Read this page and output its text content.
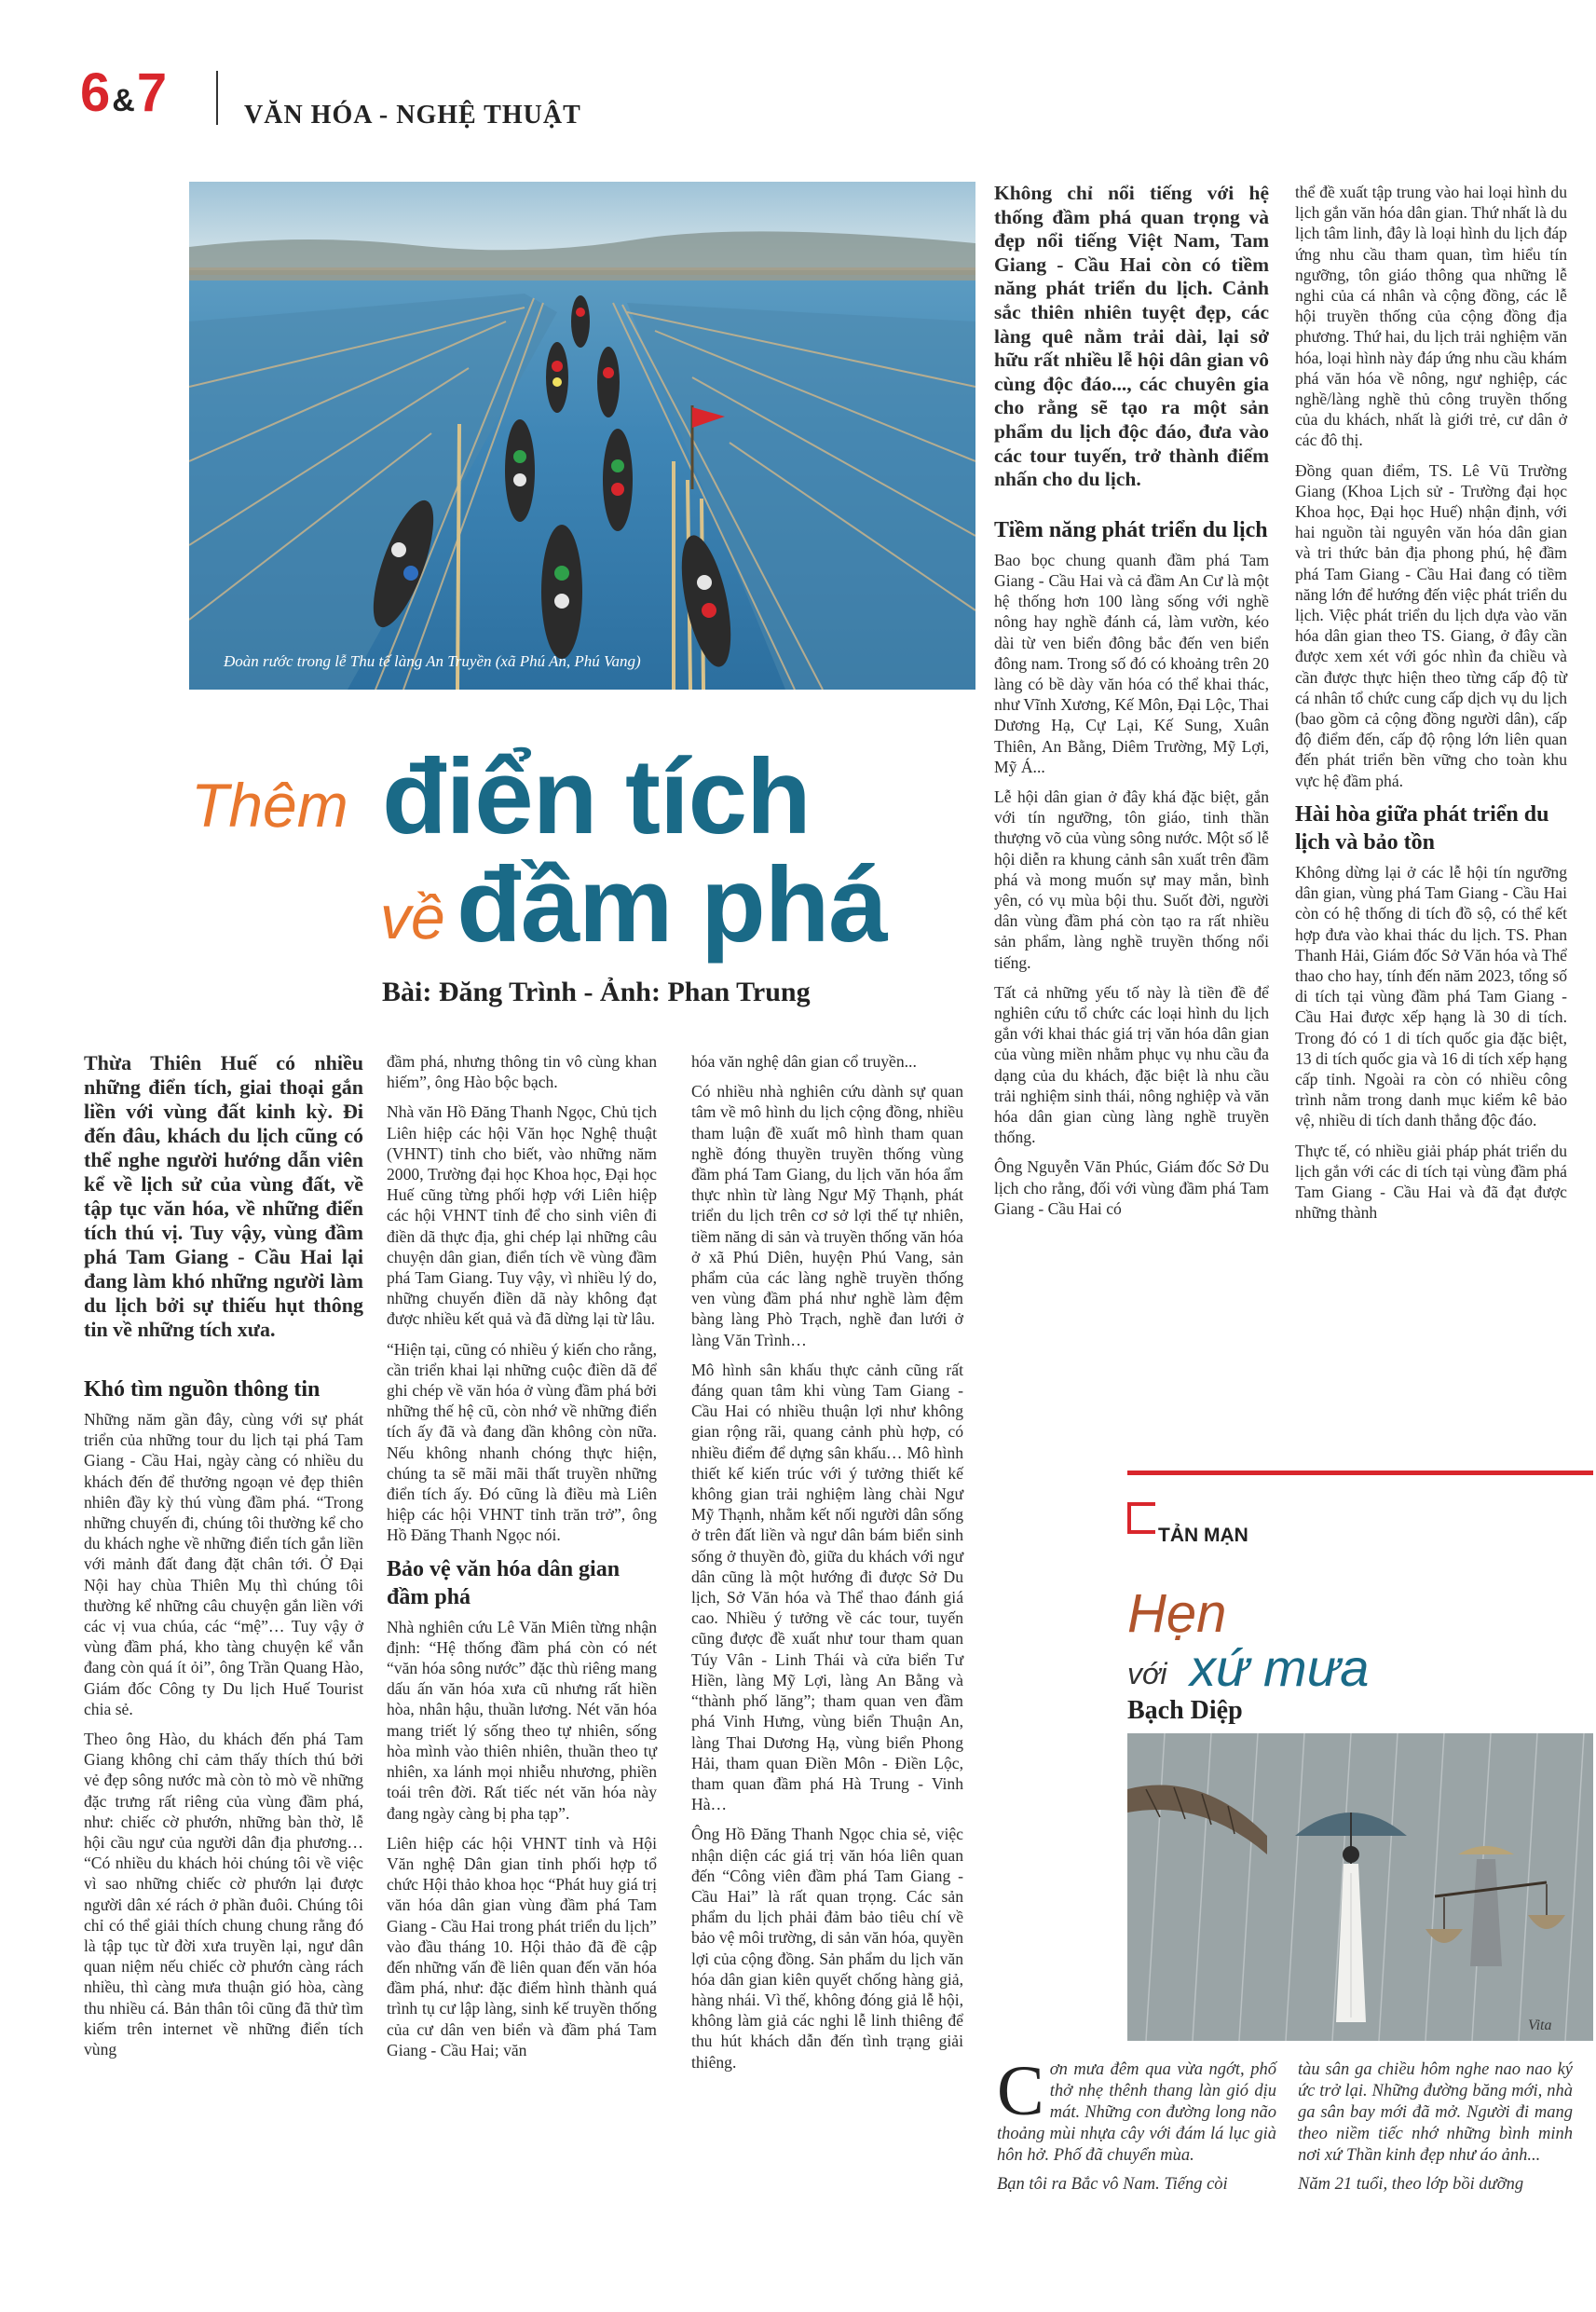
6&7	VĂN HÓA - NGHỆ THUẬT
Đoàn rước trong lễ Thu tế làng An Truyền (xã Phú An, Phú Vang)
Thêm điển tích
về đầm phá
Bài: Đăng Trình - Ảnh: Phan Trung

Thừa Thiên Huế có nhiều những điển tích, giai thoại gắn liền với vùng đất kinh kỳ. Đi đến đâu, khách du lịch cũng có thể nghe người hướng dẫn viên kể về lịch sử của vùng đất, về tập tục văn hóa, về những điển tích thú vị. Tuy vậy, vùng đầm phá Tam Giang - Cầu Hai lại đang làm khó những người làm du lịch bởi sự thiếu hụt thông tin về những tích xưa.

Khó tìm nguồn thông tin

Những năm gần đây, cùng với sự phát triển của những tour du lịch tại phá Tam Giang - Cầu Hai, ngày càng có nhiều du khách đến để thưởng ngoạn vẻ đẹp thiên nhiên đầy kỳ thú vùng đầm phá. “Trong những chuyến đi, chúng tôi thường kể cho du khách nghe về những điển tích gắn liền với mảnh đất đang đặt chân tới. Ở Đại Nội hay chùa Thiên Mụ thì chúng tôi thường kể những câu chuyện gắn liền với các vị vua chúa, các “mệ”… Tuy vậy ở vùng đầm phá, kho tàng chuyện kể vẫn đang còn quá ít ỏi”, ông Trần Quang Hào, Giám đốc Công ty Du lịch Huế Tourist chia sẻ.

Theo ông Hào, du khách đến phá Tam Giang không chỉ cảm thấy thích thú bởi vẻ đẹp sông nước mà còn tò mò về những đặc trưng rất riêng của vùng đầm phá, như: chiếc cờ phướn, những bàn thờ, lễ hội cầu ngư của người dân địa phương… “Có nhiều du khách hỏi chúng tôi về việc vì sao những chiếc cờ phướn lại được người dân xé rách ở phần đuôi. Chúng tôi chỉ có thể giải thích chung chung rằng đó là tập tục từ đời xưa truyền lại, ngư dân quan niệm nếu chiếc cờ phướn càng rách nhiều, thì càng mưa thuận gió hòa, càng thu nhiều cá. Bản thân tôi cũng đã thử tìm kiếm trên internet về những điển tích vùng

đầm phá, nhưng thông tin vô cùng khan hiếm”, ông Hào bộc bạch.

Nhà văn Hồ Đăng Thanh Ngọc, Chủ tịch Liên hiệp các hội Văn học Nghệ thuật (VHNT) tỉnh cho biết, vào những năm 2000, Trường đại học Khoa học, Đại học Huế cũng từng phối hợp với Liên hiệp các hội VHNT tỉnh để cho sinh viên đi điền dã thực địa, ghi chép lại những câu chuyện dân gian, điển tích về vùng đầm phá Tam Giang. Tuy vậy, vì nhiều lý do, những chuyến điền dã này không đạt được nhiều kết quả và đã dừng lại từ lâu.

“Hiện tại, cũng có nhiều ý kiến cho rằng, cần triển khai lại những cuộc điền dã để ghi chép về văn hóa ở vùng đầm phá bởi những thế hệ cũ, còn nhớ về những điển tích ấy đã và đang dần không còn nữa. Nếu không nhanh chóng thực hiện, chúng ta sẽ mãi mãi thất truyền những điển tích ấy. Đó cũng là điều mà Liên hiệp các hội VHNT tỉnh trăn trở”, ông Hồ Đăng Thanh Ngọc nói.

Bảo vệ văn hóa dân gian đầm phá

Nhà nghiên cứu Lê Văn Miên từng nhận định: “Hệ thống đầm phá còn có nét “văn hóa sông nước” đặc thù riêng mang dấu ấn văn hóa xưa cũ nhưng rất hiền hòa, nhân hậu, thuần lương. Nét văn hóa mang triết lý sống theo tự nhiên, sống hòa mình vào thiên nhiên, thuần theo tự nhiên, xa lánh mọi nhiễu nhương, phiền toái trên đời. Rất tiếc nét văn hóa này đang ngày càng bị pha tạp”.

Liên hiệp các hội VHNT tỉnh và Hội Văn nghệ Dân gian tỉnh phối hợp tổ chức Hội thảo khoa học “Phát huy giá trị văn hóa dân gian vùng đầm phá Tam Giang - Cầu Hai trong phát triển du lịch” vào đầu tháng 10. Hội thảo đã đề cập đến những vấn đề liên quan đến văn hóa đầm phá, như: đặc điểm hình thành quá trình tụ cư lập làng, sinh kế truyền thống của cư dân ven biển và đầm phá Tam Giang - Cầu Hai; văn

hóa văn nghệ dân gian cổ truyền...

Có nhiều nhà nghiên cứu dành sự quan tâm về mô hình du lịch cộng đồng, nhiều tham luận đề xuất mô hình tham quan nghề đóng thuyền truyền thống vùng đầm phá Tam Giang, du lịch văn hóa ẩm thực nhìn từ làng Ngư Mỹ Thạnh, phát triển du lịch trên cơ sở lợi thế tự nhiên, tiềm năng di sản và truyền thống văn hóa ở xã Phú Diên, huyện Phú Vang, sản phẩm của các làng nghề truyền thống ven vùng đầm phá như nghề làm đệm bàng làng Phò Trạch, nghề đan lưới ở làng Văn Trình…

Mô hình sân khấu thực cảnh cũng rất đáng quan tâm khi vùng Tam Giang - Cầu Hai có nhiều thuận lợi như không gian rộng rãi, quang cảnh phù hợp, có nhiều điểm để dựng sân khấu… Mô hình thiết kế kiến trúc với ý tưởng thiết kế không gian trải nghiệm làng chài Ngư Mỹ Thạnh, nhằm kết nối người dân sống ở trên đất liền và ngư dân bám biển sinh sống ở thuyền đò, giữa du khách với ngư dân cũng là một hướng đi được Sở Du lịch, Sở Văn hóa và Thể thao đánh giá cao. Nhiều ý tưởng về các tour, tuyến cũng được đề xuất như tour tham quan Túy Vân - Linh Thái và cửa biển Tư Hiền, làng Mỹ Lợi, làng An Bằng và “thành phố lăng”; tham quan ven đầm phá Vinh Hưng, vùng biển Thuận An, làng Thai Dương Hạ, vùng biển Phong Hải, tham quan Điền Môn - Điền Lộc, tham quan đầm phá Hà Trung - Vinh Hà…

Ông Hồ Đăng Thanh Ngọc chia sẻ, việc nhận diện các giá trị văn hóa liên quan đến “Công viên đầm phá Tam Giang - Cầu Hai” là rất quan trọng. Các sản phẩm du lịch phải đảm bảo tiêu chí về bảo vệ môi trường, di sản văn hóa, quyền lợi của cộng đồng. Sản phẩm du lịch văn hóa dân gian kiên quyết chống hàng giả, hàng nhái. Vì thế, không đóng giả lễ hội, không làm giả các nghi lễ linh thiêng để thu hút khách dẫn đến tình trạng giải thiêng.

Không chỉ nổi tiếng với hệ thống đầm phá quan trọng và đẹp nổi tiếng Việt Nam, Tam Giang - Cầu Hai còn có tiềm năng phát triển du lịch. Cảnh sắc thiên nhiên tuyệt đẹp, các làng quê nằm trải dài, lại sở hữu rất nhiều lễ hội dân gian vô cùng độc đáo..., các chuyên gia cho rằng sẽ tạo ra một sản phẩm du lịch độc đáo, đưa vào các tour tuyến, trở thành điểm nhấn cho du lịch.

Tiềm năng phát triển du lịch

Bao bọc chung quanh đầm phá Tam Giang - Cầu Hai và cả đầm An Cư là một hệ thống hơn 100 làng sống với nghề nông hay nghề đánh cá, làm vườn, kéo dài từ ven biển đông bắc đến ven biển đông nam. Trong số đó có khoảng trên 20 làng có bề dày văn hóa có thể khai thác, như Vĩnh Xương, Kế Môn, Đại Lộc, Thai Dương Hạ, Cự Lại, Kế Sung, Xuân Thiên, An Bằng, Diêm Trường, Mỹ Lợi, Mỹ Á...

Lễ hội dân gian ở đây khá đặc biệt, gắn với tín ngưỡng, tôn giáo, tinh thần thượng võ của vùng sông nước. Một số lễ hội diễn ra khung cảnh sân xuất trên đầm phá và mong muốn sự may mắn, bình yên, có vụ mùa bội thu. Suốt đời, người dân vùng đầm phá còn tạo ra rất nhiều sản phẩm, làng nghề truyền thống nổi tiếng.

Tất cả những yếu tố này là tiền đề để nghiên cứu tổ chức các loại hình du lịch gắn với khai thác giá trị văn hóa dân gian của vùng miền nhằm phục vụ nhu cầu đa dạng của du khách, đặc biệt là nhu cầu trải nghiệm sinh thái, nông nghiệp và văn hóa dân gian cùng làng nghề truyền thống.

Ông Nguyễn Văn Phúc, Giám đốc Sở Du lịch cho rằng, đối với vùng đầm phá Tam Giang - Cầu Hai có

thể đề xuất tập trung vào hai loại hình du lịch gắn văn hóa dân gian. Thứ nhất là du lịch tâm linh, đây là loại hình du lịch đáp ứng nhu cầu tham quan, tìm hiểu tín ngưỡng, tôn giáo thông qua những lễ nghi của cá nhân và cộng đồng, các lễ hội truyền thống của cộng đồng địa phương. Thứ hai, du lịch trải nghiệm văn hóa, loại hình này đáp ứng nhu cầu khám phá văn hóa về nông, ngư nghiệp, các nghề/làng nghề thủ công truyền thống của du khách, nhất là giới trẻ, cư dân ở các đô thị.

Đồng quan điểm, TS. Lê Vũ Trường Giang (Khoa Lịch sử - Trường đại học Khoa học, Đại học Huế) nhận định, với hai nguồn tài nguyên văn hóa dân gian và tri thức bản địa phong phú, hệ đầm phá Tam Giang - Cầu Hai đang có tiềm năng lớn để hướng đến việc phát triển du lịch. Việc phát triển du lịch dựa vào văn hóa dân gian theo TS. Giang, ở đây cần được xem xét với góc nhìn đa chiều và cần được thực hiện theo từng cấp độ từ cá nhân tổ chức cung cấp dịch vụ du lịch (bao gồm cả cộng đồng người dân), cấp độ điểm đến, cấp độ rộng lớn liên quan đến phát triển bền vững cho toàn khu vực hệ đầm phá.

Hài hòa giữa phát triển du lịch và bảo tồn

Không dừng lại ở các lễ hội tín ngưỡng dân gian, vùng phá Tam Giang - Cầu Hai còn có hệ thống di tích đồ sộ, có thể kết hợp đưa vào khai thác du lịch. TS. Phan Thanh Hải, Giám đốc Sở Văn hóa và Thể thao cho hay, tính đến năm 2023, tổng số di tích tại vùng đầm phá Tam Giang - Cầu Hai được xếp hạng là 30 di tích. Trong đó có 1 di tích quốc gia đặc biệt, 13 di tích quốc gia và 16 di tích xếp hạng cấp tỉnh. Ngoài ra còn có nhiều công trình nằm trong danh mục kiểm kê bảo vệ, nhiều di tích danh thắng độc đáo.

Thực tế, có nhiều giải pháp phát triển du lịch gắn với các di tích tại vùng đầm phá Tam Giang - Cầu Hai và đã đạt được những thành

TẢN MẠN
Hẹn
với xứ mưa
Bạch Diệp
Vita

Cơn mưa đêm qua vừa ngớt, phố thở nhẹ thênh thang làn gió dịu mát. Những con đường long não thoảng mùi nhựa cây với đám lá lục già hôn hở. Phố đã chuyển mùa.

Bạn tôi ra Bắc vô Nam. Tiếng còi

tàu sân ga chiều hôm nghe nao nao ký ức trở lại. Những đường băng mới, nhà ga sân bay mới đã mở. Người đi mang theo niềm tiếc nhớ những bình minh nơi xứ Thần kinh đẹp như áo ảnh...

Năm 21 tuổi, theo lớp bồi dưỡng
